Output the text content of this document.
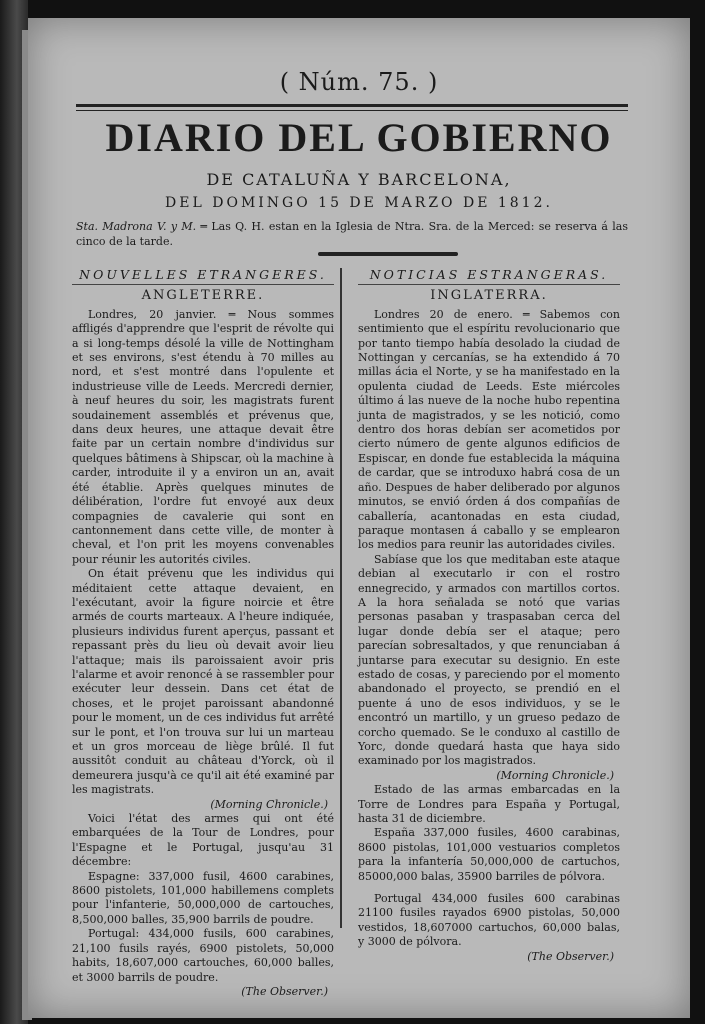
( Núm. 75. )
DIARIO DEL GOBIERNO
DE CATALUÑA Y BARCELONA,
DEL DOMINGO 15 DE MARZO DE 1812.
Sta. Madrona V. y M. ═ Las Q. H. estan en la Iglesia de Ntra. Sra. de la Merced: se reserva á las cinco de la tarde.
NOUVELLES ETRANGERES.
ANGLETERRE.

Londres, 20 janvier. ═ Nous sommes affligés d'apprendre que l'esprit de révolte qui a si long-temps désolé la ville de Nottingham et ses environs, s'est étendu à 70 milles au nord, et s'est montré dans l'opulente et industrieuse ville de Leeds. Mercredi dernier, à neuf heures du soir, les magistrats furent soudainement assemblés et prévenus que, dans deux heures, une attaque devait être faite par un certain nombre d'individus sur quelques bâtimens à Shipscar, où la machine à carder, introduite il y a environ un an, avait été établie. Après quelques minutes de délibération, l'ordre fut envoyé aux deux compagnies de cavalerie qui sont en cantonnement dans cette ville, de monter à cheval, et l'on prit les moyens convenables pour réunir les autorités civiles.

On était prévenu que les individus qui méditaient cette attaque devaient, en l'exécutant, avoir la figure noircie et être armés de courts marteaux. A l'heure indiquée, plusieurs individus furent aperçus, passant et repassant près du lieu où devait avoir lieu l'attaque; mais ils paroissaient avoir pris l'alarme et avoir renoncé à se rassembler pour exécuter leur dessein. Dans cet état de choses, et le projet paroissant abandonné pour le moment, un de ces individus fut arrêté sur le pont, et l'on trouva sur lui un marteau et un gros morceau de liège brûlé. Il fut aussitôt conduit au château d'Yorck, où il demeurera jusqu'à ce qu'il ait été examiné par les magistrats.

(Morning Chronicle.)

Voici l'état des armes qui ont été embarquées de la Tour de Londres, pour l'Espagne et le Portugal, jusqu'au 31 décembre:

Espagne: 337,000 fusil, 4600 carabines, 8600 pistolets, 101,000 habillemens complets pour l'infanterie, 50,000,000 de cartouches, 8,500,000 balles, 35,900 barrils de poudre.

Portugal: 434,000 fusils, 600 carabines, 21,100 fusils rayés, 6900 pistolets, 50,000 habits, 18,607,000 cartouches, 60,000 balles, et 3000 barrils de poudre.

(The Observer.)

NOTICIAS ESTRANGERAS.
INGLATERRA.

Londres 20 de enero. ═ Sabemos con sentimiento que el espíritu revolucionario que por tanto tiempo había desolado la ciudad de Nottingan y cercanías, se ha extendido á 70 millas ácia el Norte, y se ha manifestado en la opulenta ciudad de Leeds. Este miércoles último á las nueve de la noche hubo repentina junta de magistrados, y se les notició, como dentro dos horas debían ser acometidos por cierto número de gente algunos edificios de Espiscar, en donde fue establecida la máquina de cardar, que se introduxo habrá cosa de un año. Despues de haber deliberado por algunos minutos, se envió órden á dos compañías de caballería, acantonadas en esta ciudad, paraque montasen á caballo y se emplearon los medios para reunir las autoridades civiles.

Sabíase que los que meditaban este ataque debian al executarlo ir con el rostro ennegrecido, y armados con martillos cortos. A la hora señalada se notó que varias personas pasaban y traspasaban cerca del lugar donde debía ser el ataque; pero parecían sobresaltados, y que renunciaban á juntarse para executar su designio. En este estado de cosas, y pareciendo por el momento abandonado el proyecto, se prendió en el puente á uno de esos individuos, y se le encontró un martillo, y un grueso pedazo de corcho quemado. Se le conduxo al castillo de Yorc, donde quedará hasta que haya sido examinado por los magistrados.

(Morning Chronicle.)

Estado de las armas embarcadas en la Torre de Londres para España y Portugal, hasta 31 de diciembre.

España 337,000 fusiles, 4600 carabinas, 8600 pistolas, 101,000 vestuarios completos para la infantería 50,000,000 de cartuchos, 85000,000 balas, 35900 barriles de pólvora.

Portugal 434,000 fusiles 600 carabinas 21100 fusiles rayados 6900 pistolas, 50,000 vestidos, 18,607000 cartuchos, 60,000 balas, y 3000 de pólvora.

(The Observer.)
